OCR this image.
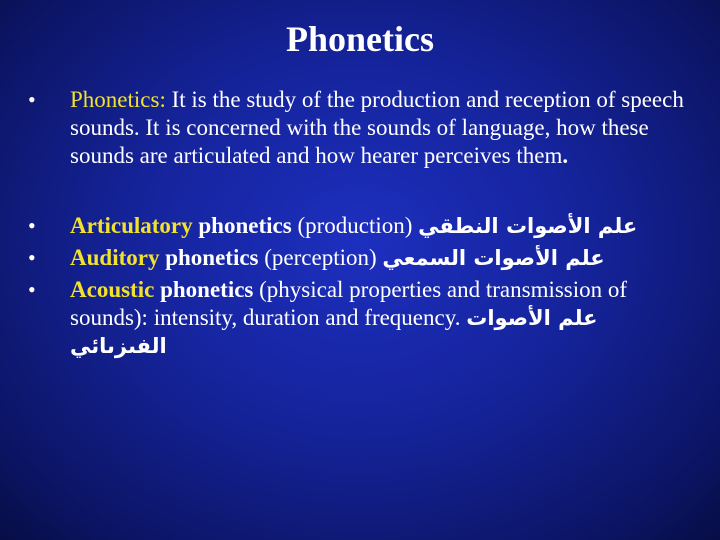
Phonetics
•	Phonetics: It is the study of the production and reception of speech sounds. It is concerned with the sounds of language, how these sounds are articulated and how hearer perceives them.
•	Articulatory phonetics (production) علم الأصوات النطقي
•	Auditory phonetics (perception) علم الأصوات السمعي
•	Acoustic phonetics (physical properties and transmission of sounds): intensity, duration and frequency. علم الأصوات الفىزىائي
